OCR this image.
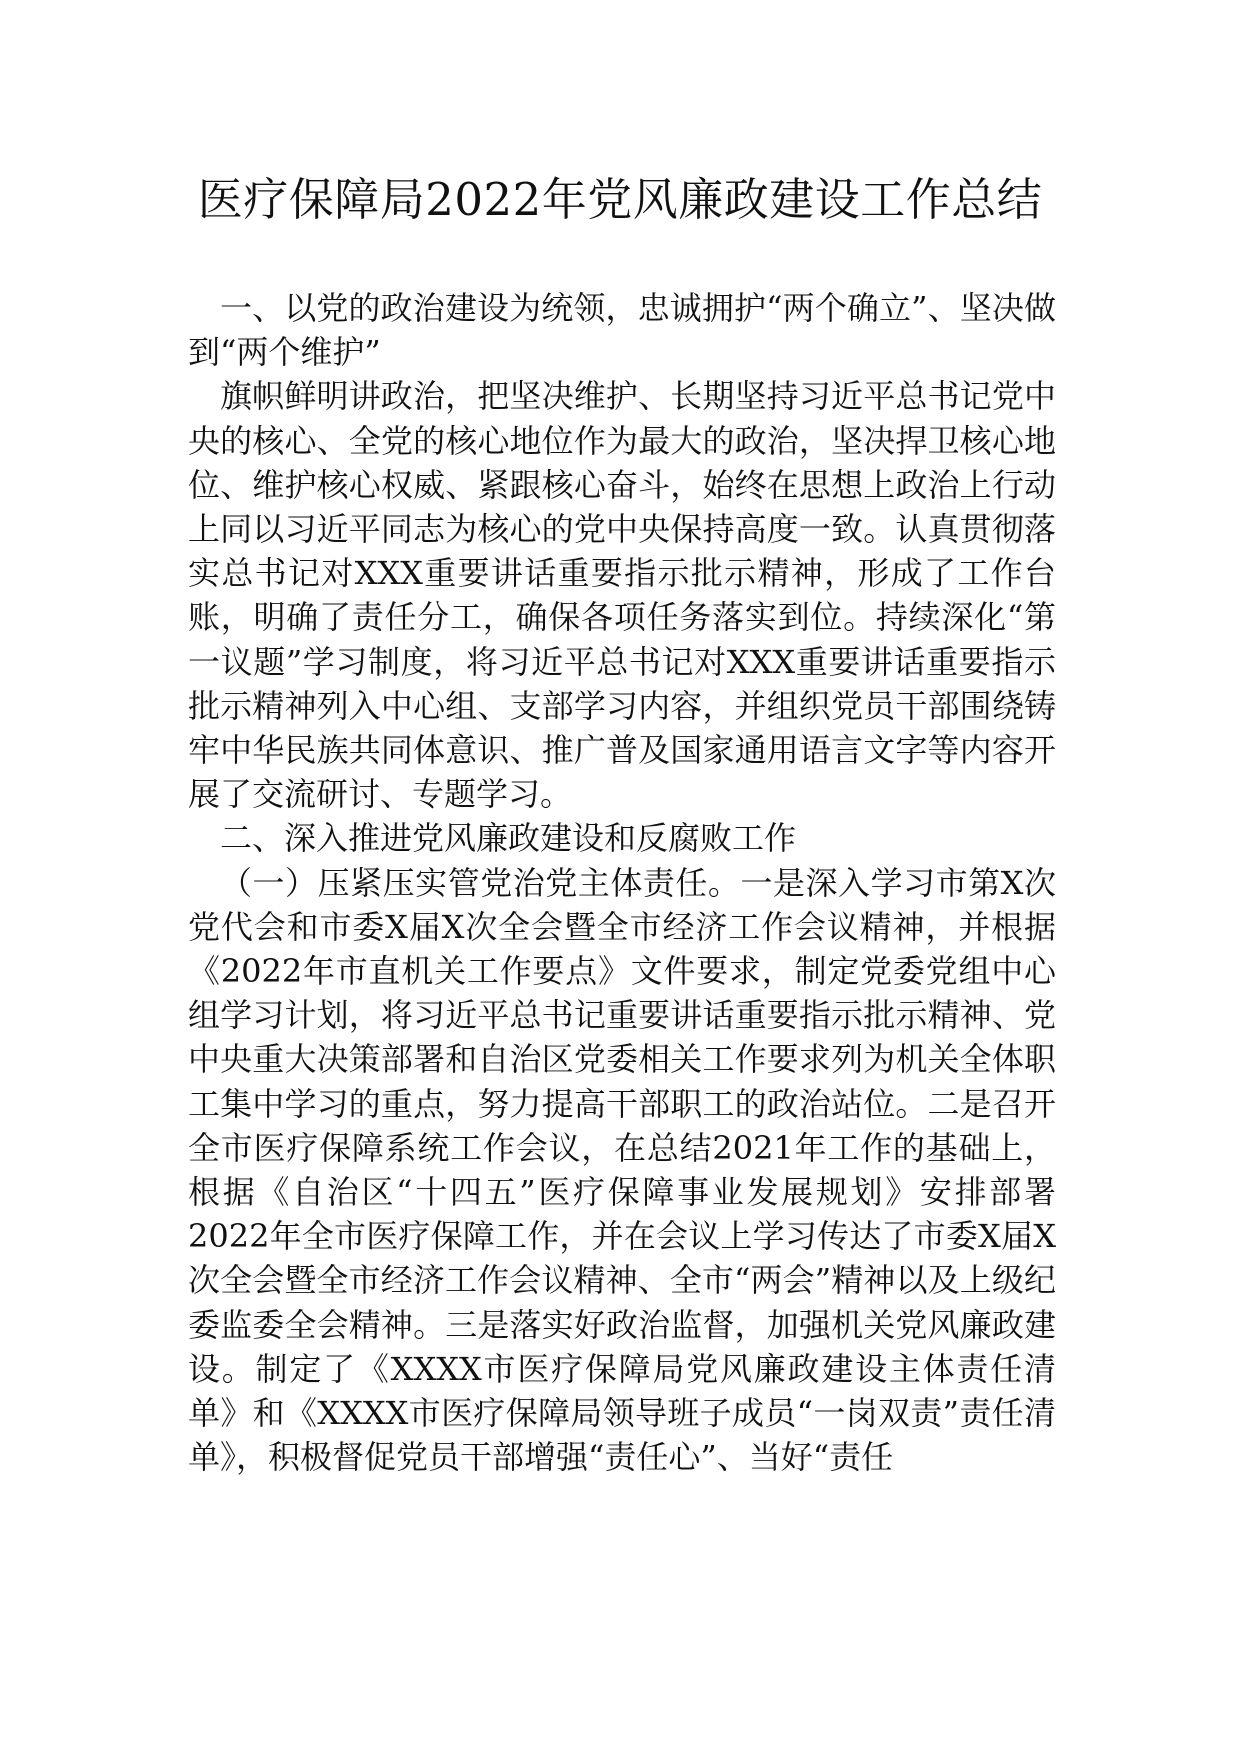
医疗保障局2022年党风廉政建设工作总结

一、以党的政治建设为统领，忠诚拥护“两个确立”、坚决做到“两个维护”

旗帜鲜明讲政治，把坚决维护、长期坚持习近平总书记党中央的核心、全党的核心地位作为最大的政治，坚决捍卫核心地位、维护核心权威、紧跟核心奋斗，始终在思想上政治上行动上同以习近平同志为核心的党中央保持高度一致。认真贯彻落实总书记对XXX重要讲话重要指示批示精神，形成了工作台账，明确了责任分工，确保各项任务落实到位。持续深化“第一议题”学习制度，将习近平总书记对XXX重要讲话重要指示批示精神列入中心组、支部学习内容，并组织党员干部围绕铸牢中华民族共同体意识、推广普及国家通用语言文字等内容开展了交流研讨、专题学习。

二、深入推进党风廉政建设和反腐败工作

（一）压紧压实管党治党主体责任。一是深入学习市第X次党代会和市委X届X次全会暨全市经济工作会议精神，并根据《2022年市直机关工作要点》文件要求，制定党委党组中心组学习计划，将习近平总书记重要讲话重要指示批示精神、党中央重大决策部署和自治区党委相关工作要求列为机关全体职工集中学习的重点，努力提高干部职工的政治站位。二是召开全市医疗保障系统工作会议，在总结2021年工作的基础上，根据《自治区“十四五”医疗保障事业发展规划》安排部署2022年全市医疗保障工作，并在会议上学习传达了市委X届X次全会暨全市经济工作会议精神、全市“两会”精神以及上级纪委监委全会精神。三是落实好政治监督，加强机关党风廉政建设。制定了《XXXX市医疗保障局党风廉政建设主体责任清单》和《XXXX市医疗保障局领导班子成员“一岗双责”责任清单》，积极督促党员干部增强“责任心”、当好“责任
